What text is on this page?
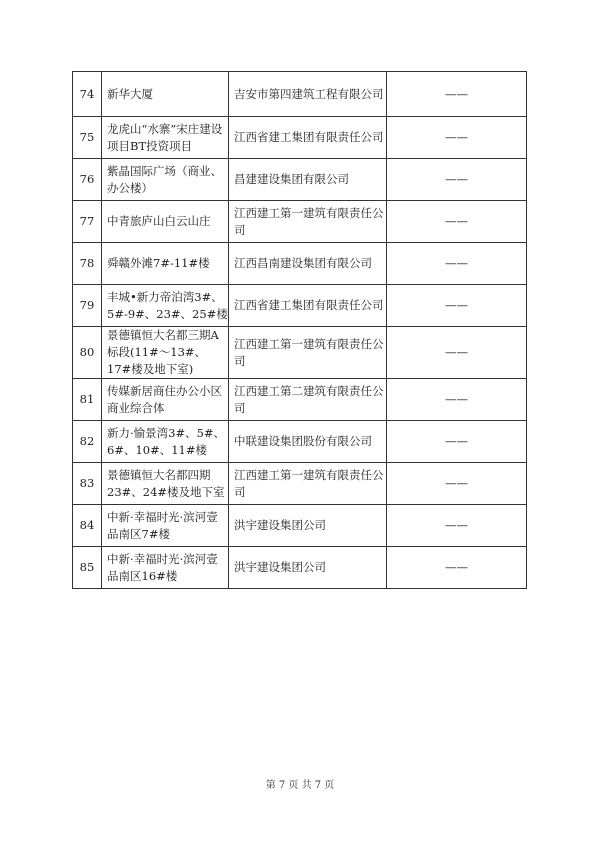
74	新华大厦	吉安市第四建筑工程有限公司	——
75	龙虎山“水寨”宋庄建设项目BT投资项目	江西省建工集团有限责任公司	——
76	紫晶国际广场（商业、办公楼）	昌建建设集团有限公司	——
77	中青旅庐山白云山庄	江西建工第一建筑有限责任公司	——
78	舜赣外滩7#-11#楼	江西昌南建设集团有限公司	——
79	丰城•新力帝泊湾3#、5#-9#、23#、25#楼	江西省建工集团有限责任公司	——
80	景德镇恒大名都三期A标段(11#～13#、17#楼及地下室)	江西建工第一建筑有限责任公司	——
81	传媒新居商住办公小区商业综合体	江西建工第二建筑有限责任公司	——
82	新力·愉景湾3#、5#、6#、10#、11#楼	中联建设集团股份有限公司	——
83	景德镇恒大名都四期23#、24#楼及地下室	江西建工第一建筑有限责任公司	——
84	中新·幸福时光·滨河壹品南区7#楼	洪宇建设集团公司	——
85	中新·幸福时光·滨河壹品南区16#楼	洪宇建设集团公司	——
第 7 页 共 7 页
